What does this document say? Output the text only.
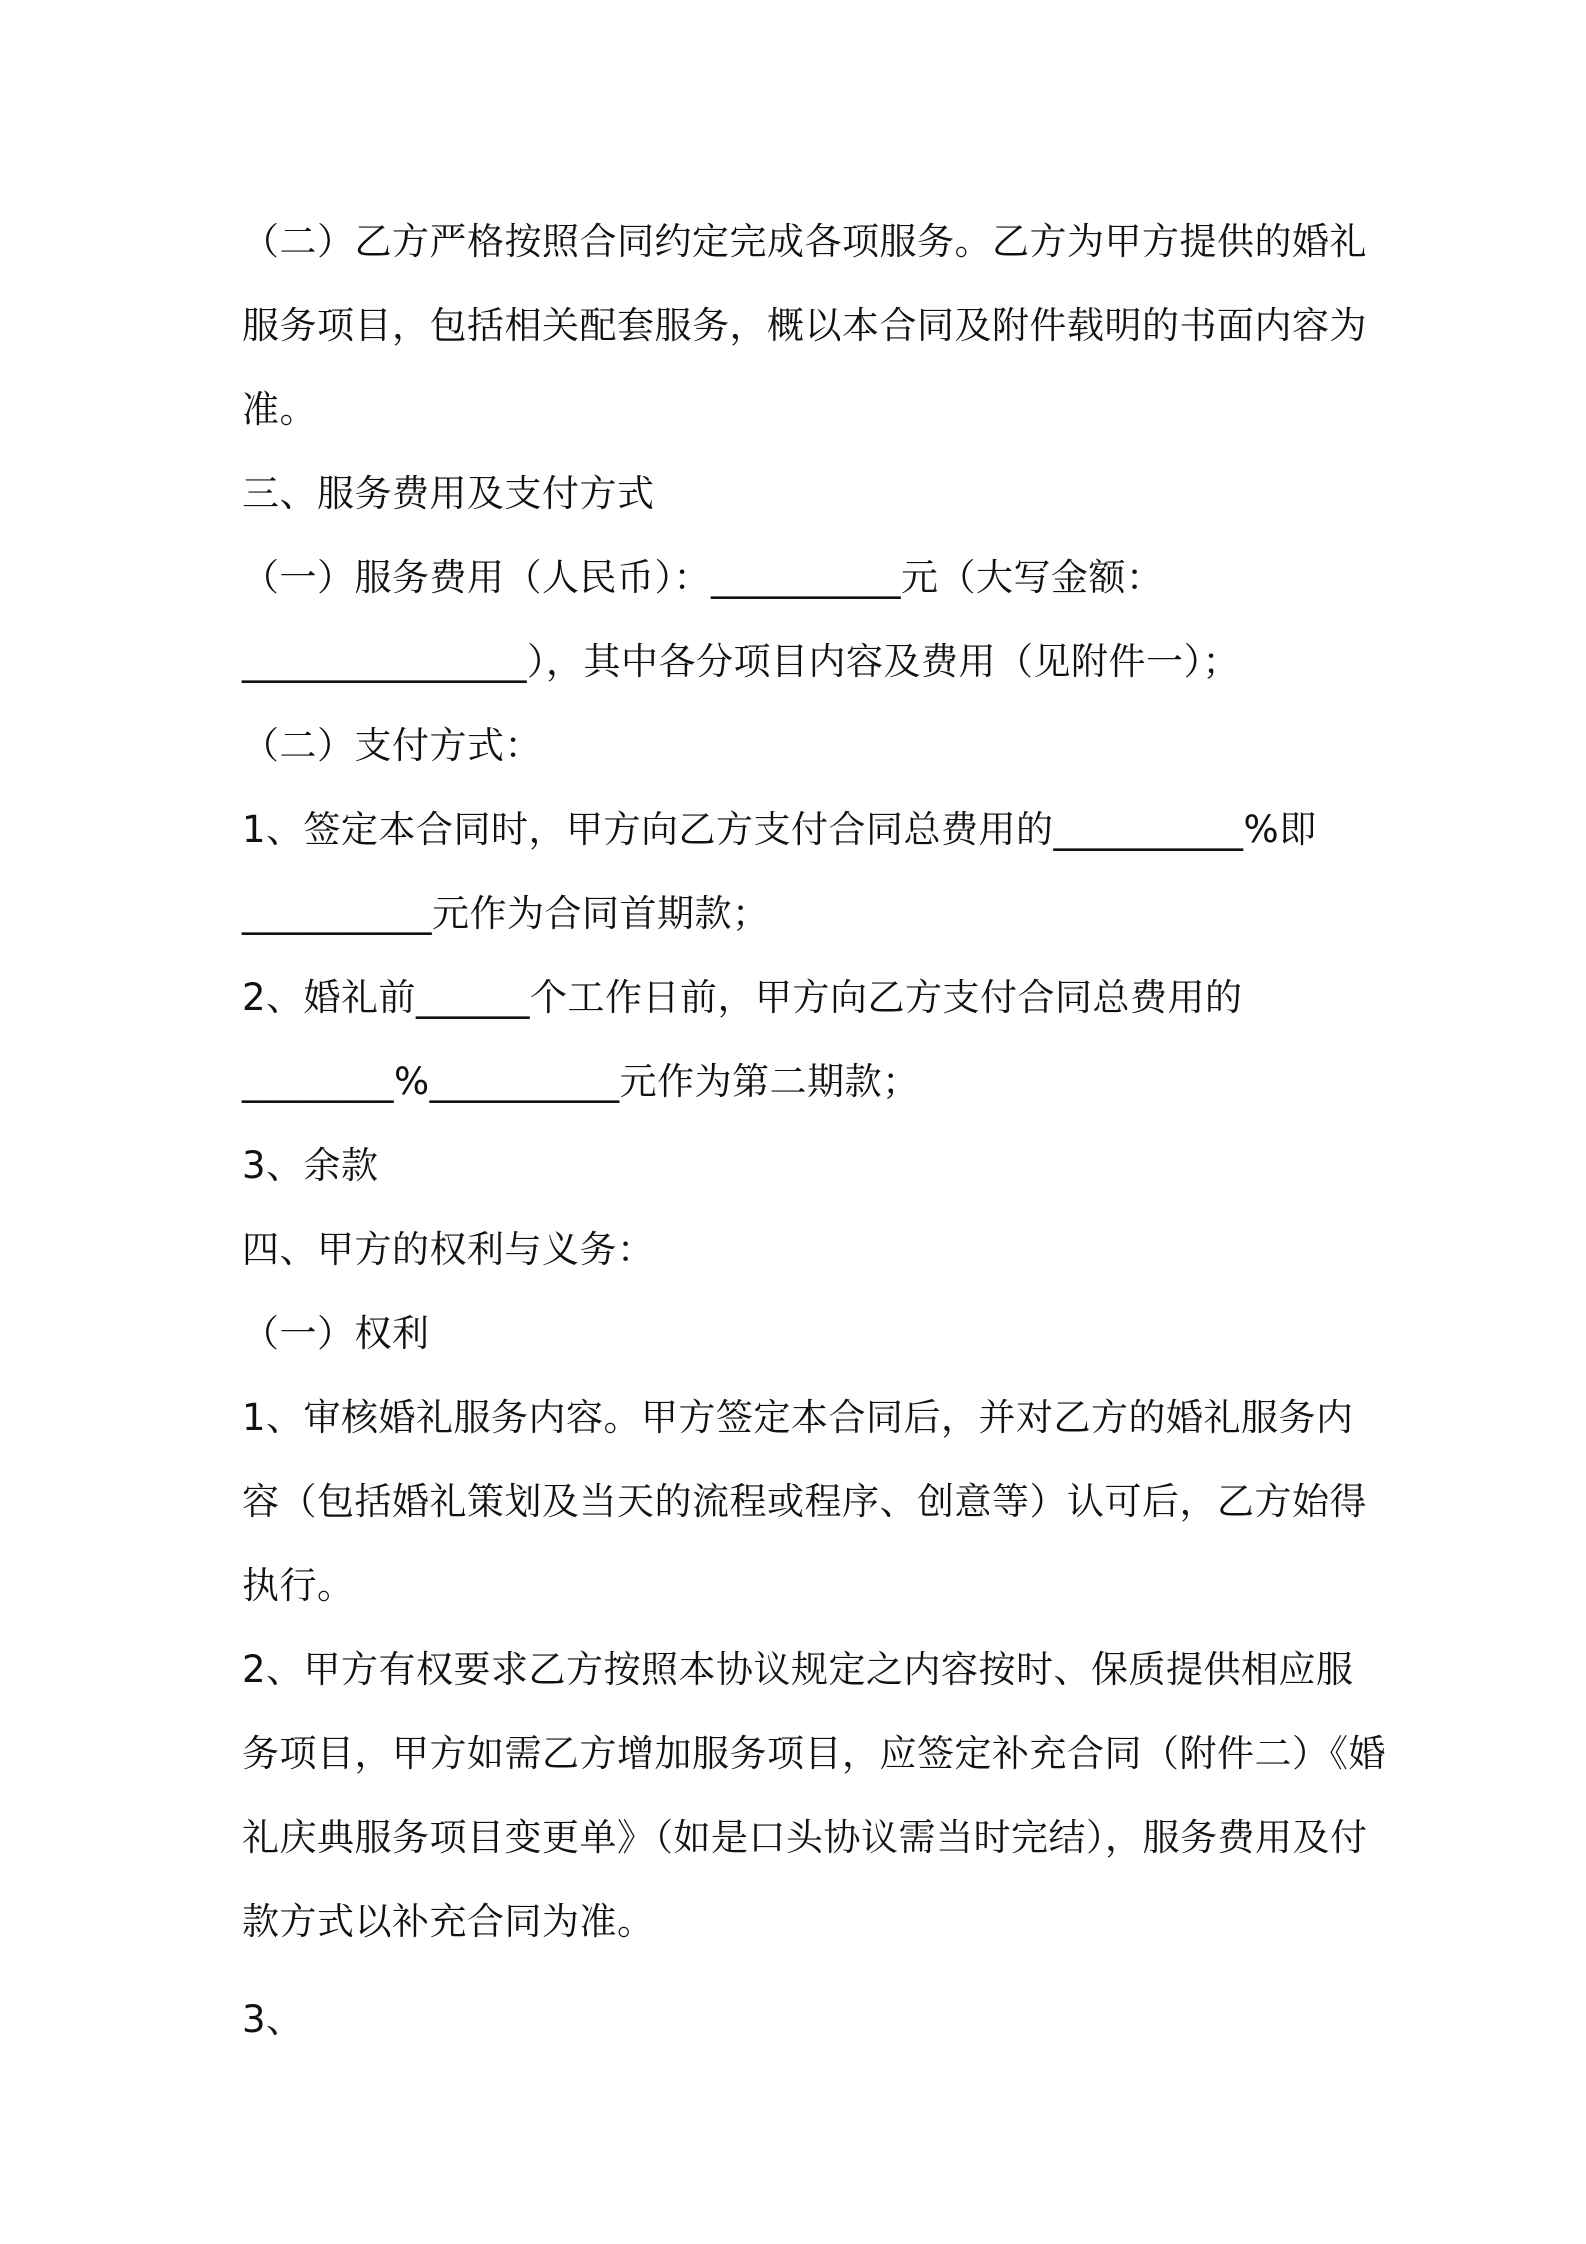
（二）乙方严格按照合同约定完成各项服务。乙方为甲方提供的婚礼
服务项目，包括相关配套服务，概以本合同及附件载明的书面内容为
准。
三、服务费用及支付方式
（一）服务费用（人民币）：__________元（大写金额：
_______________），其中各分项目内容及费用（见附件一）；
（二）支付方式：
1、签定本合同时，甲方向乙方支付合同总费用的__________%即
__________元作为合同首期款；
2、婚礼前______个工作日前，甲方向乙方支付合同总费用的
________%__________元作为第二期款；
3、余款
四、甲方的权利与义务：
（一）权利
1、审核婚礼服务内容。甲方签定本合同后，并对乙方的婚礼服务内
容（包括婚礼策划及当天的流程或程序、创意等）认可后，乙方始得
执行。
2、甲方有权要求乙方按照本协议规定之内容按时、保质提供相应服
务项目，甲方如需乙方增加服务项目，应签定补充合同（附件二）《婚
礼庆典服务项目变更单》（如是口头协议需当时完结），服务费用及付
款方式以补充合同为准。
3、
